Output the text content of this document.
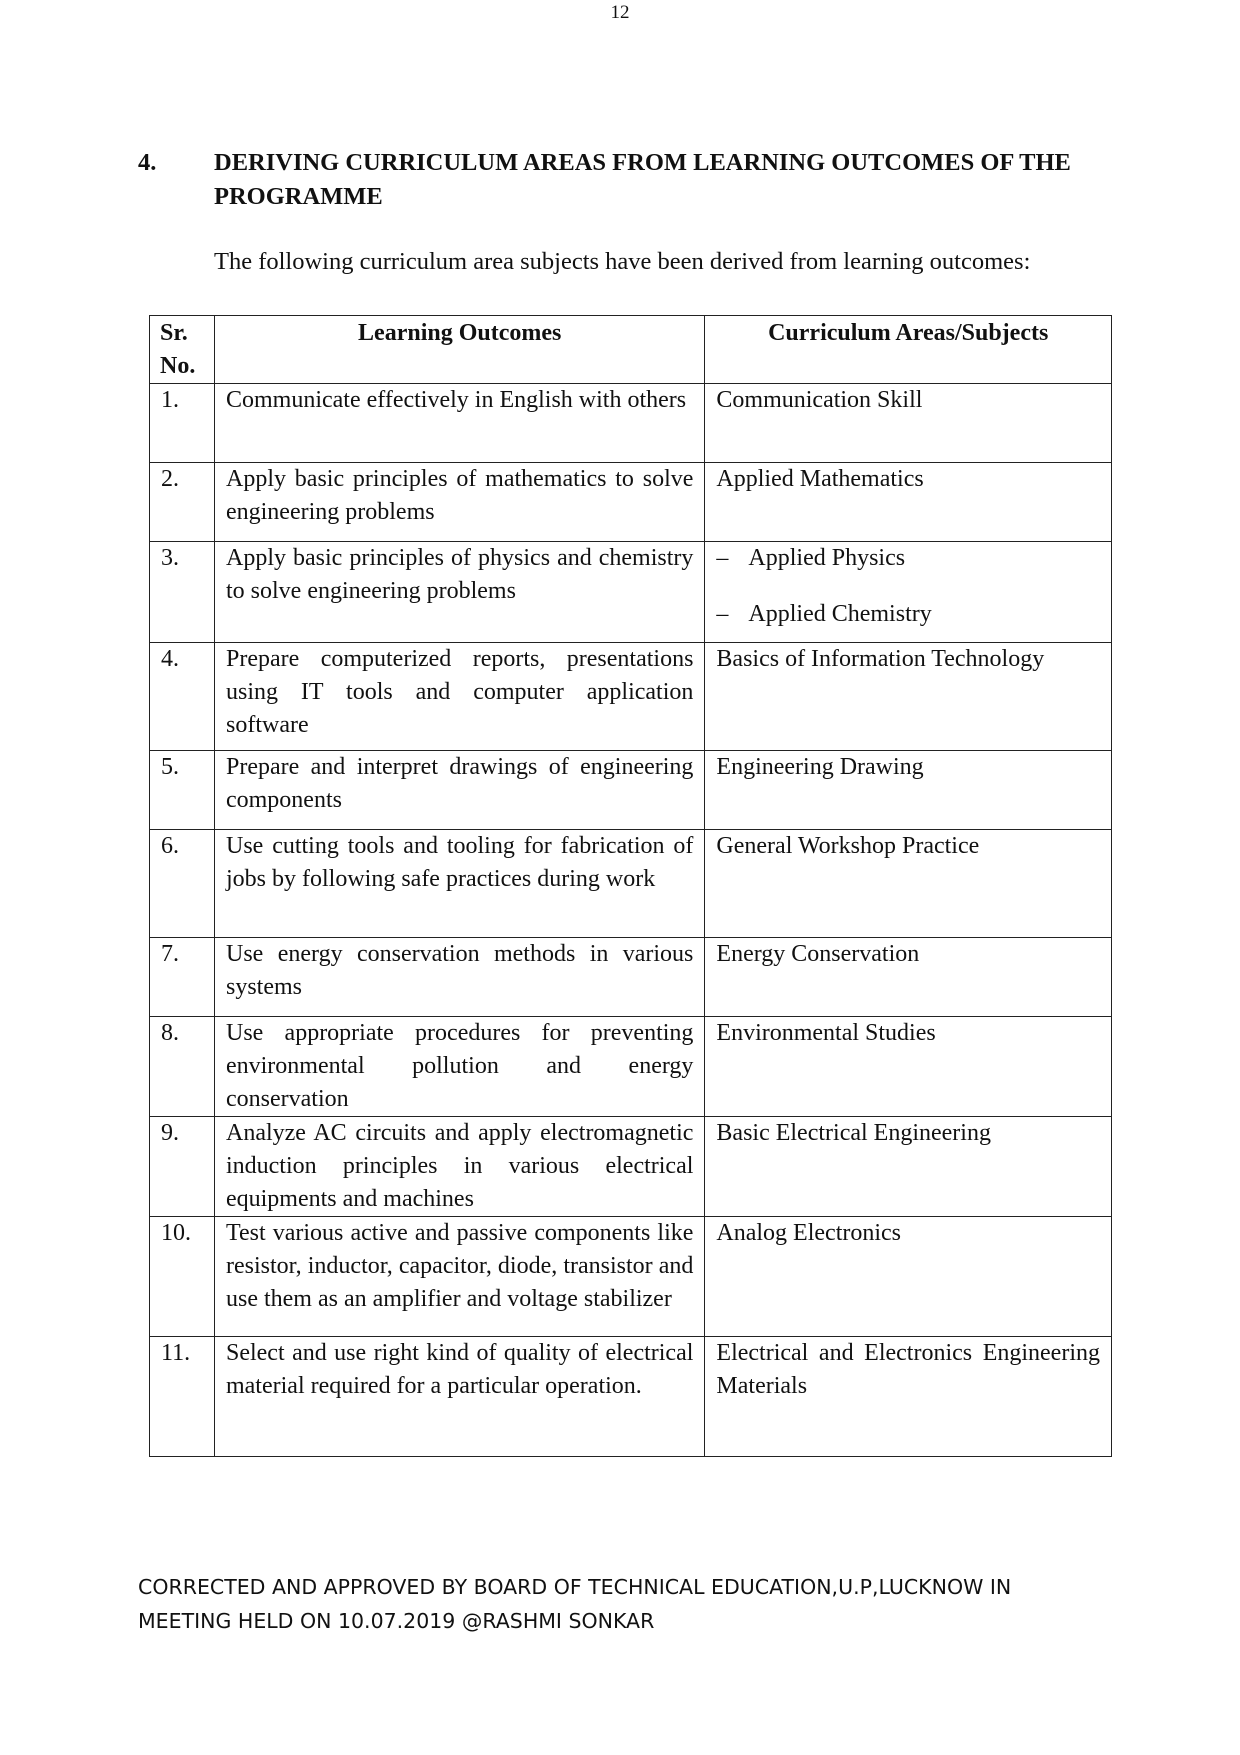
12
4. DERIVING CURRICULUM AREAS FROM LEARNING OUTCOMES OF THE PROGRAMME
The following curriculum area subjects have been derived from learning outcomes:
Sr. No.	Learning Outcomes	Curriculum Areas/Subjects
1.	Communicate effectively in English with others	Communication Skill
2.	Apply basic principles of mathematics to solve engineering problems	Applied Mathematics
3.	Apply basic principles of physics and chemistry to solve engineering problems	– Applied Physics
– Applied Chemistry

4.	Prepare computerized reports, presentations using IT tools and computer application software	Basics of Information Technology
5.	Prepare and interpret drawings of engineering components	Engineering Drawing
6.	Use cutting tools and tooling for fabrication of jobs by following safe practices during work	General Workshop Practice
7.	Use energy conservation methods in various systems	Energy Conservation
8.	Use appropriate procedures for preventing environmental pollution and energy conservation	Environmental Studies
9.	Analyze AC circuits and apply electromagnetic induction principles in various electrical equipments and machines	Basic Electrical Engineering
10.	Test various active and passive components like resistor, inductor, capacitor, diode, transistor and use them as an amplifier and voltage stabilizer	Analog Electronics
11.	Select and use right kind of quality of electrical material required for a particular operation.	Electrical and Electronics Engineering Materials
CORRECTED AND APPROVED BY BOARD OF TECHNICAL EDUCATION,U.P,LUCKNOW IN
MEETING HELD ON 10.07.2019 @RASHMI SONKAR
